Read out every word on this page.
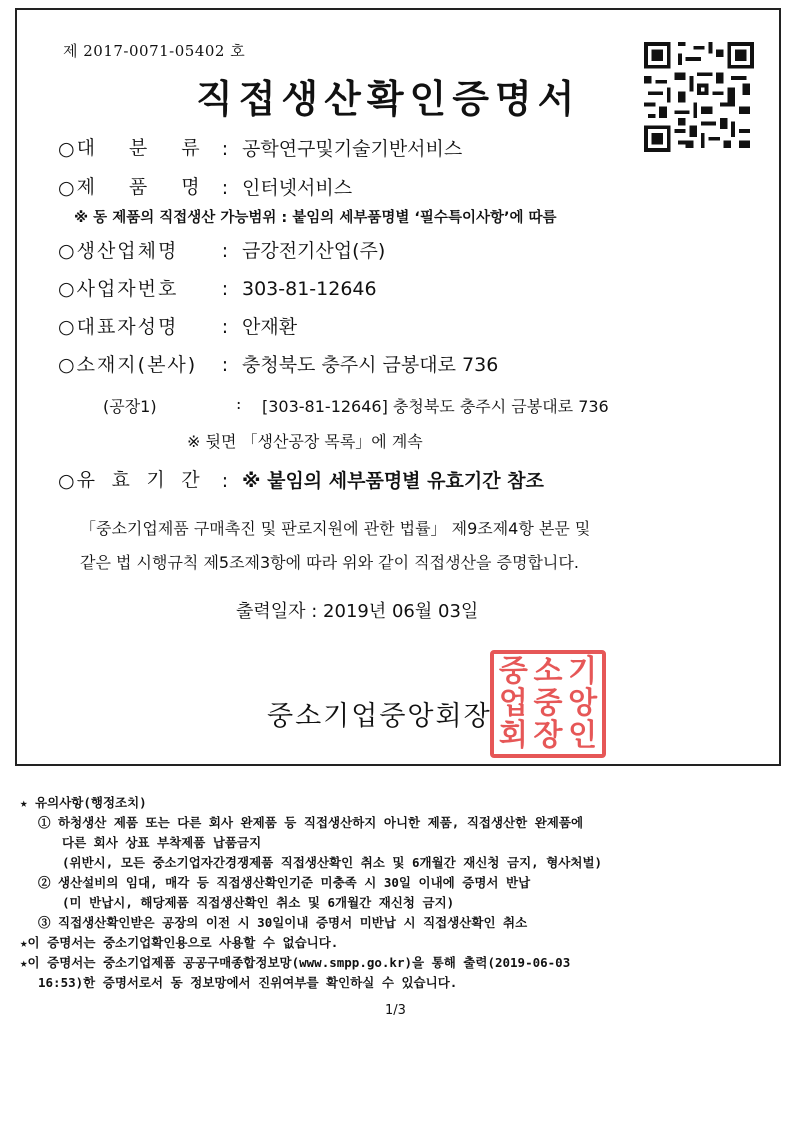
제 2017-0071-05402 호
직접생산확인증명서
○ 대 분 류 : 공학연구및기술기반서비스
○ 제 품 명 : 인터넷서비스
※ 동 제품의 직접생산 가능범위 : 붙임의 세부품명별 ‘필수특이사항’에 따름
○생산업체명 : 금강전기산업(주)
○사업자번호 : 303-81-12646
○대표자성명 : 안재환
○소재지(본사) : 충청북도 충주시 금봉대로 736
(공장1)	: [303-81-12646] 충청북도 충주시 금봉대로 736
※ 뒷면 「생산공장 목록」에 계속
○ 유 효 기 간 : ※ 붙임의 세부품명별 유효기간 참조
「중소기업제품 구매촉진 및 판로지원에 관한 법률」 제9조제4항 본문 및
같은 법 시행규칙 제5조제3항에 따라 위와 같이 직접생산을 증명합니다.
출력일자 : 2019년 06월 03일
중소기업중앙회장
중 소 기
업 중 앙
회 장 인
★ 유의사항(행정조치)
① 하청생산 제품 또는 다른 회사 완제품 등 직접생산하지 아니한 제품, 직접생산한 완제품에
다른 회사 상표 부착제품 납품금지
(위반시, 모든 중소기업자간경쟁제품 직접생산확인 취소 및 6개월간 재신청 금지, 형사처벌)
② 생산설비의 임대, 매각 등 직접생산확인기준 미충족 시 30일 이내에 증명서 반납
(미 반납시, 해당제품 직접생산확인 취소 및 6개월간 재신청 금지)
③ 직접생산확인받은 공장의 이전 시 30일이내 증명서 미반납 시 직접생산확인 취소
★이 증명서는 중소기업확인용으로 사용할 수 없습니다.
★이 증명서는 중소기업제품 공공구매종합정보망(www.smpp.go.kr)을 통해 출력(2019-06-03
16:53)한 증명서로서 동 정보망에서 진위여부를 확인하실 수 있습니다.
1/3
